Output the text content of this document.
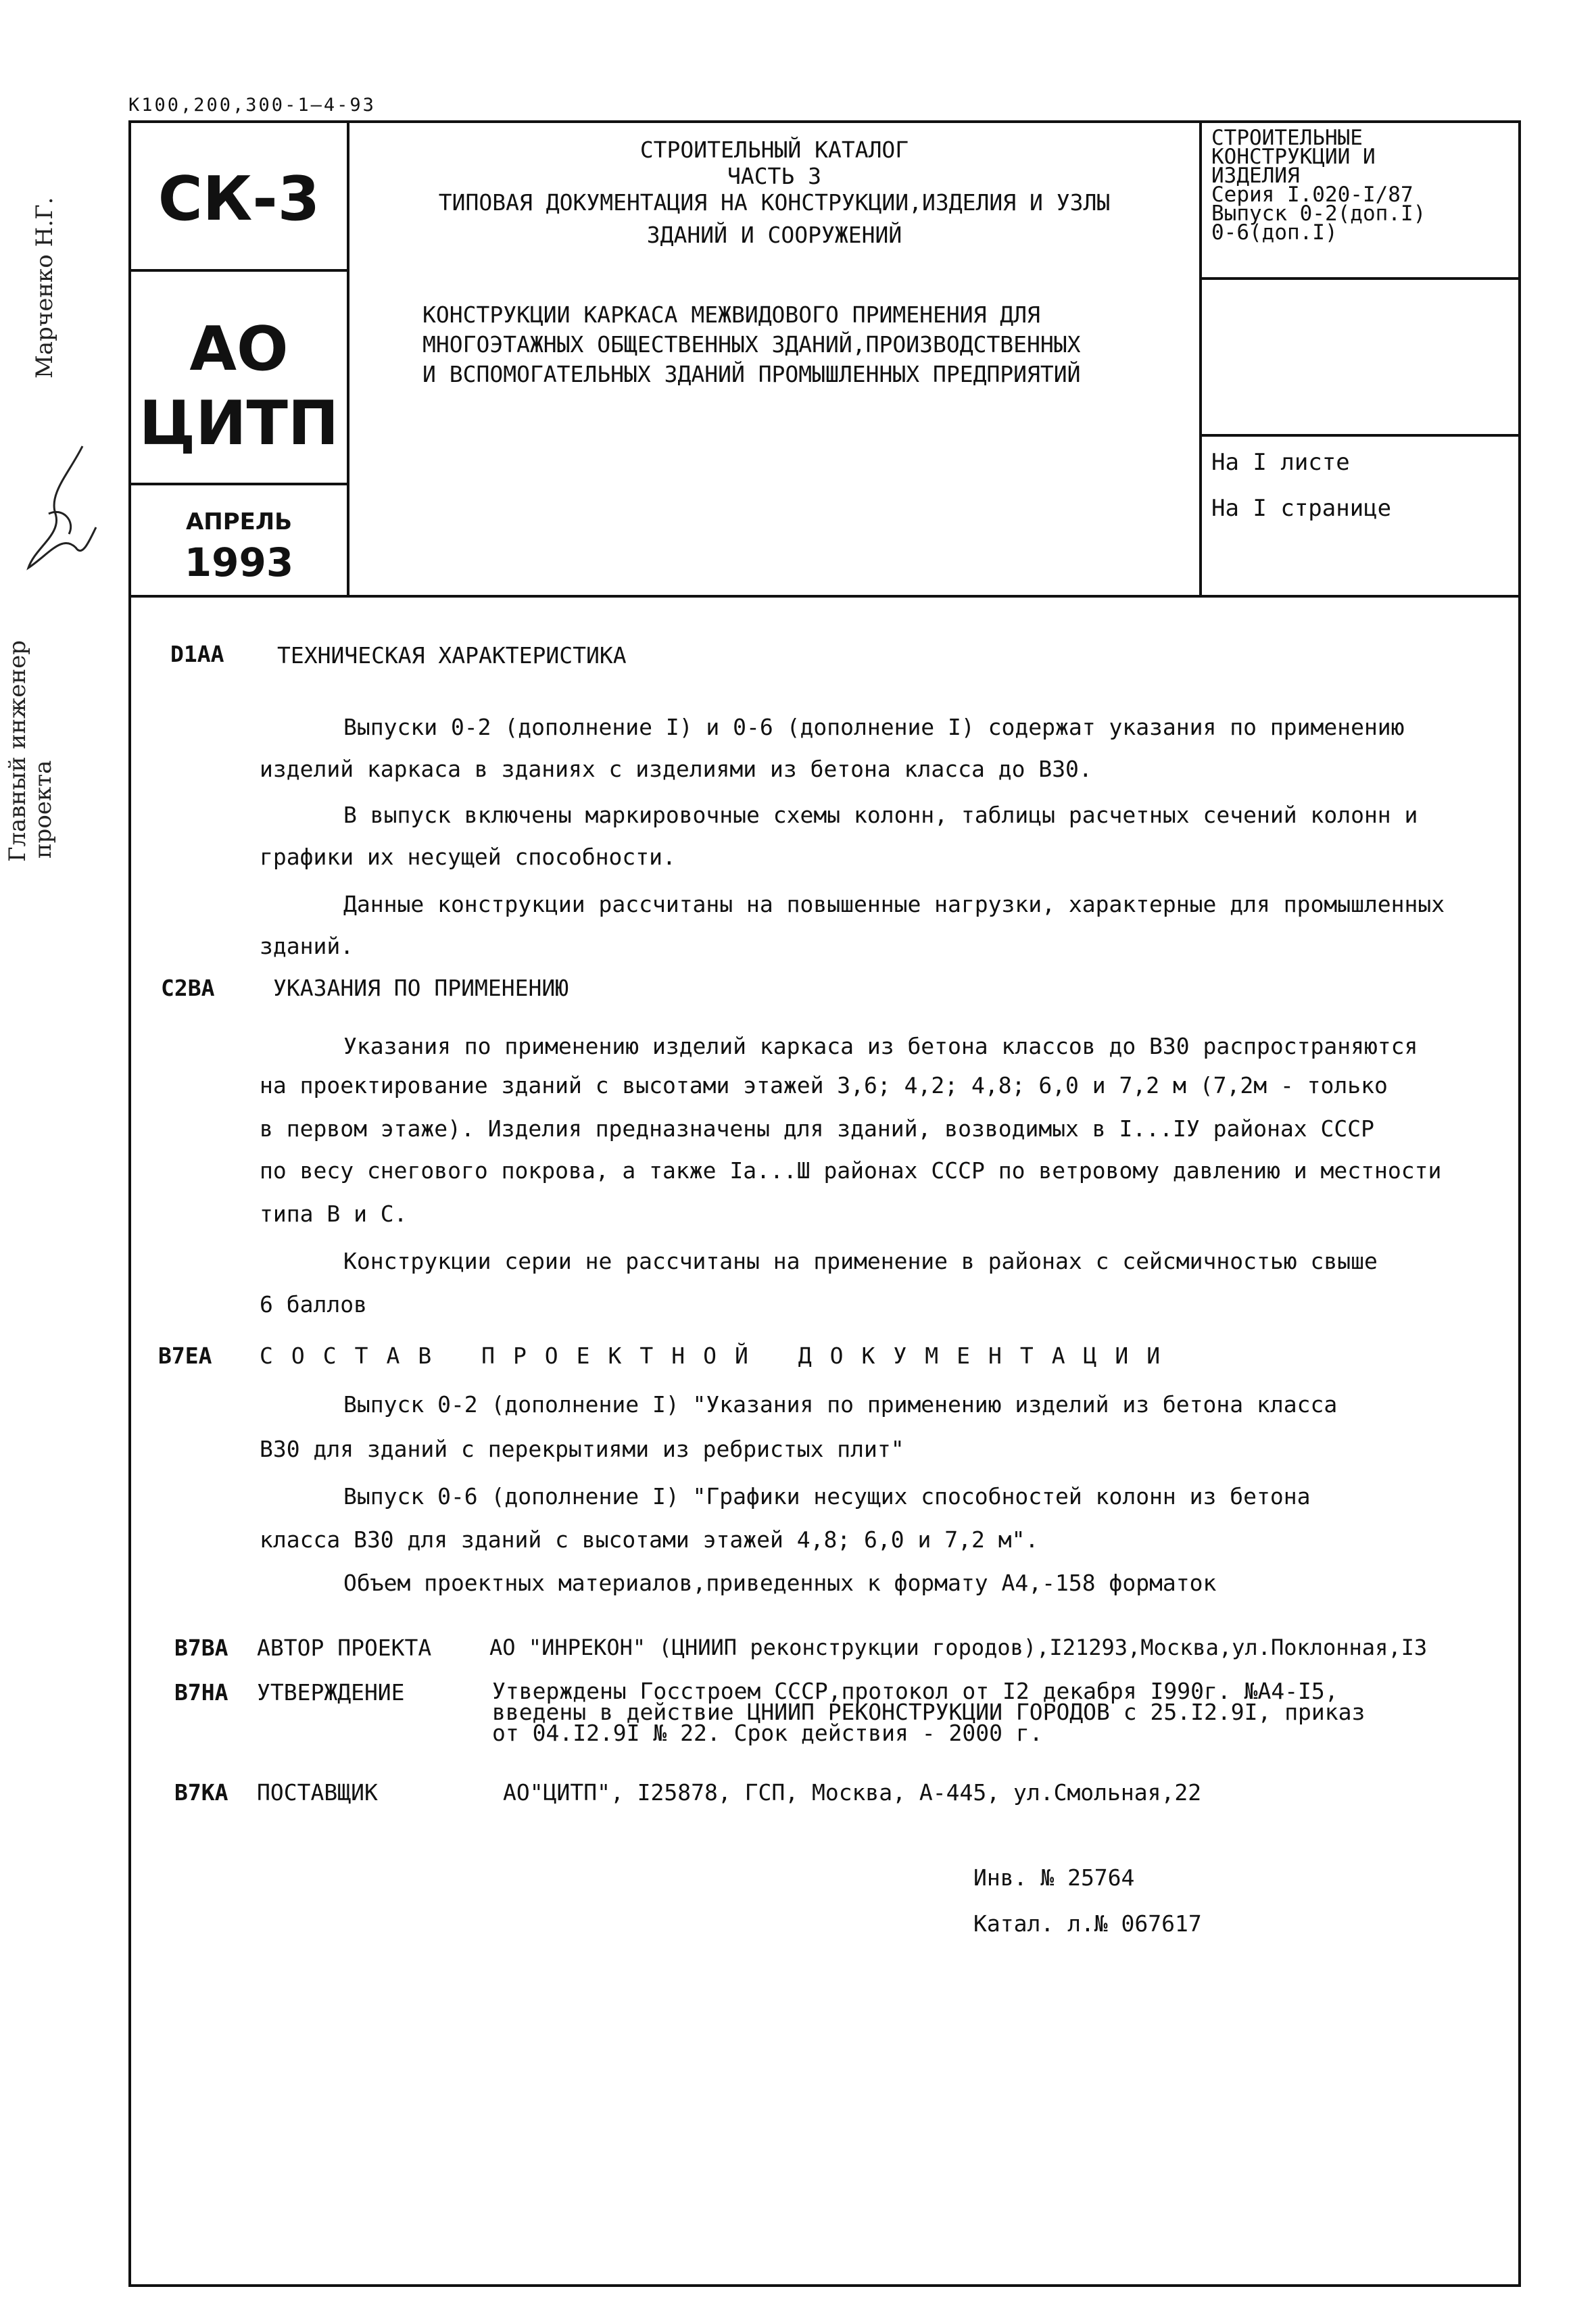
К100,200,300-1—4-93
Марченко Н.Г.
Главный инженер
проекта
СК-3
АО
ЦИТП
АПРЕЛЬ
1993
СТРОИТЕЛЬНЫЙ КАТАЛОГ
ЧАСТЬ 3
ТИПОВАЯ ДОКУМЕНТАЦИЯ НА КОНСТРУКЦИИ,ИЗДЕЛИЯ И УЗЛЫ
ЗДАНИЙ И СООРУЖЕНИЙ
КОНСТРУКЦИИ КАРКАСА МЕЖВИДОВОГО ПРИМЕНЕНИЯ ДЛЯ
МНОГОЭТАЖНЫХ ОБЩЕСТВЕННЫХ ЗДАНИЙ,ПРОИЗВОДСТВЕННЫХ
И ВСПОМОГАТЕЛЬНЫХ ЗДАНИЙ ПРОМЫШЛЕННЫХ ПРЕДПРИЯТИЙ
СТРОИТЕЛЬНЫЕ
КОНСТРУКЦИИ И
ИЗДЕЛИЯ
Серия I.020-I/87
Выпуск 0-2(доп.I)
0-6(доп.I)
На I листе
На I странице
D1AA ТЕХНИЧЕСКАЯ ХАРАКТЕРИСТИКА
Выпуски 0-2 (дополнение I) и 0-6 (дополнение I) содержат указания по применению
изделий каркаса в зданиях с изделиями из бетона класса до В30.
В выпуск включены маркировочные схемы колонн, таблицы расчетных сечений колонн и
графики их несущей способности.
Данные конструкции рассчитаны на повышенные нагрузки, характерные для промышленных
зданий.
C2BA	УКАЗАНИЯ ПО ПРИМЕНЕНИЮ
Указания по применению изделий каркаса из бетона классов до В30 распространяются
на проектирование зданий с высотами этажей 3,6; 4,2; 4,8; 6,0 и 7,2 м (7,2м - только
в первом этаже). Изделия предназначены для зданий, возводимых в I...IУ районах СССР
по весу снегового покрова, а также Iа...Ш районах СССР по ветровому давлению и местности
типа В и С.
Конструкции серии не рассчитаны на применение в районах с сейсмичностью свыше
6 баллов
B7EA СОСТАВ ПРОЕКТНОЙ ДОКУМЕНТАЦИИ
Выпуск 0-2 (дополнение I) "Указания по применению изделий из бетона класса
В30 для зданий с перекрытиями из ребристых плит"
Выпуск 0-6 (дополнение I) "Графики несущих способностей колонн из бетона
класса В30 для зданий с высотами этажей 4,8; 6,0 и 7,2 м".
Объем проектных материалов,приведенных к формату А4,-158 форматок
B7BA АВТОР ПРОЕКТА	АО "ИНРЕКОН" (ЦНИИП реконструкции городов),I21293,Москва,ул.Поклонная,I3
B7HA УТВЕРЖДЕНИЕ	Утверждены Госстроем СССР,протокол от I2 декабря I990г. №А4-I5,
введены в действие ЦНИИП РЕКОНСТРУКЦИИ ГОРОДОВ с 25.I2.9I, приказ
от 04.I2.9I № 22. Срок действия - 2000 г.
B7KA ПОСТАВЩИК	АО"ЦИТП", I25878, ГСП, Москва, А-445, ул.Смольная,22
Инв. № 25764
Катал. л.№ 067617
